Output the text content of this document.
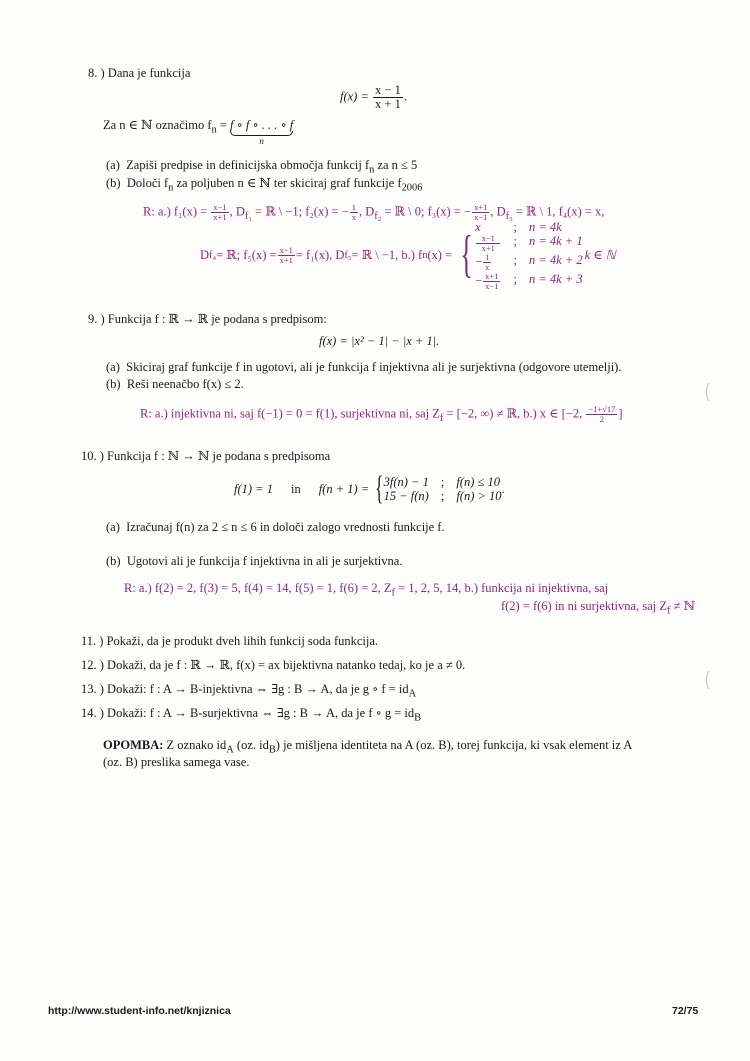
8. ) Dana je funkcija
$f(x) = \frac{x - 1}{x + 1}$ .
Za n ∈ ℕ označimo $f_n = f$ ∘ f ∘ . . . ∘ f
n
(a) Zapiši predpise in definicijska območja funkcij $f_n$ za n ≤ 5
(b) Določi $f_n$ za poljuben n ∈ ℕ ter skiciraj graf funkcije $f_{2006}$
R: a.) $f_1(x) = \frac{x-1}{x+1}$ , $D_{f_1}$ = ℝ \ −1; f₂(x) = − $\frac{1}{x}$ , $D_{f_2}$ = ℝ \ 0; f₃(x) = − $\frac{x+1}{x-1}$ , $D_{f_3}$ = ℝ \ 1, f₄(x) = x,
D f₄ = ℝ; $f_5(x) = \frac{x-1}{x+1} = f_1(x)$, D f₅ = ℝ \ −1, b.) f n (x) = { x	; n = 4k
$\frac{x-1}{x+1}$ ; n = 4k + 1
− $\frac{1}{x}$ ; n = 4k + 2
− $\frac{x+1}{x-1}$ ; n = 4k + 3
k ∈ ℕ
9. ) Funkcija f : ℝ → ℝ je podana s predpisom:
f(x) = |x² − 1| − |x + 1|.
(a) Skiciraj graf funkcije f in ugotovi, ali je funkcija f injektivna ali je surjektivna (odgovore utemelji).
(b) Reši neenačbo f(x) ≤ 2.
R: a.) injektivna ni, saj f(−1) = 0 = f(1), surjektivna ni, saj $Z_f = [-2$, ∞) ≠ ℝ, b.) x ∈ [−2, $\frac{-1+√17}{2}$ ]
10. ) Funkcija f : ℕ → ℕ je podana s predpisoma
f(1) = 1 in f(n + 1) = { 3f(n) − 1 ; f(n) ≤ 10
15 − f(n) ; f(n) > 10
.
(a) Izračunaj f(n) za 2 ≤ n ≤ 6 in določi zalogo vrednosti funkcije f.
(b) Ugotovi ali je funkcija f injektivna in ali je surjektivna.
R: a.) f(2) = 2, f(3) = 5, f(4) = 14, f(5) = 1, f(6) = 2, $Z_f = 1$, 2, 5, 14, b.) funkcija ni injektivna, saj
f(2) = f(6) in ni surjektivna, saj $Z_f$ ≠ ℕ
11. ) Pokaži, da je produkt dveh lihih funkcij soda funkcija.
12. ) Dokaži, da je f : ℝ → ℝ, f(x) = ax bijektivna natanko tedaj, ko je a ≠ 0.
13. ) Dokaži: f : A → B-injektivna ⇔ ∃g : B → A, da je g ∘ $f = id_A$
14. ) Dokaži: f : A → B-surjektivna ⇔ ∃g : B → A, da je f ∘ $g = id_B$
OPOMBA: Z oznako $id_A$ (oz. $id_B$) je mišljena identiteta na A (oz. B), torej funkcija, ki vsak element iz A
(oz. B) preslika samega vase.
http://www.student-info.net/knjiznica	72/75
